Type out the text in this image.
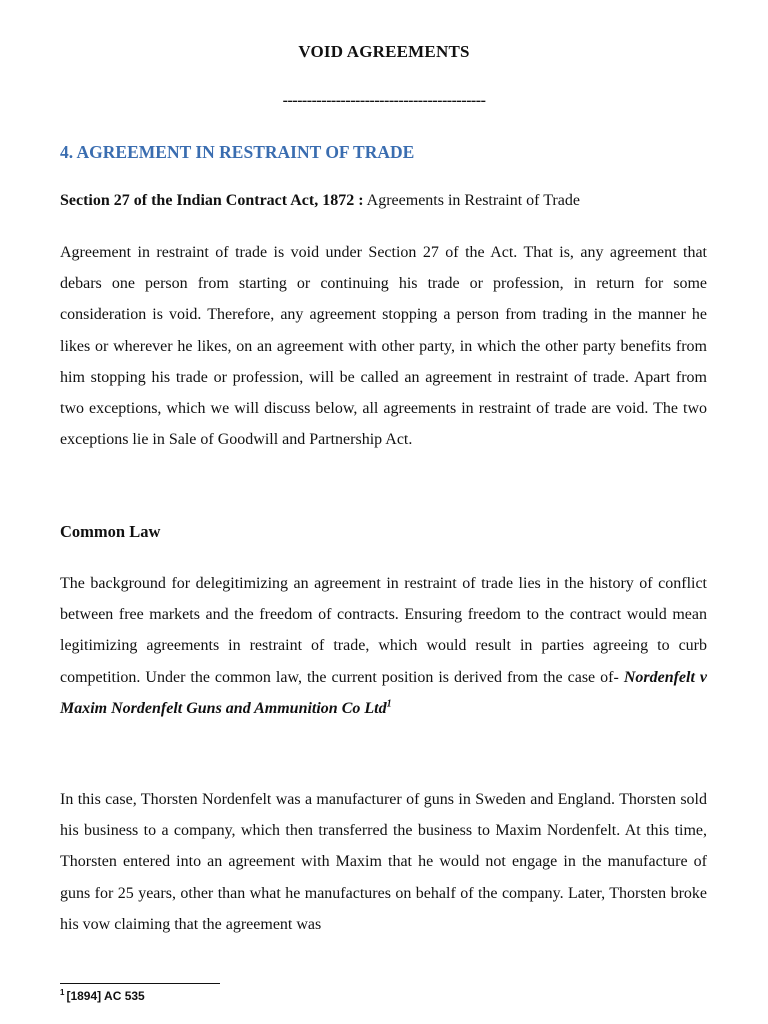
VOID AGREEMENTS
------------------------------------------
4. AGREEMENT IN RESTRAINT OF TRADE
Section 27 of the Indian Contract Act, 1872 : Agreements in Restraint of Trade
Agreement in restraint of trade is void under Section 27 of the Act. That is, any agreement that debars one person from starting or continuing his trade or profession, in return for some consideration is void. Therefore, any agreement stopping a person from trading in the manner he likes or wherever he likes, on an agreement with other party, in which the other party benefits from him stopping his trade or profession, will be called an agreement in restraint of trade. Apart from two exceptions, which we will discuss below, all agreements in restraint of trade are void. The two exceptions lie in Sale of Goodwill and Partnership Act.
Common Law
The background for delegitimizing an agreement in restraint of trade lies in the history of conflict between free markets and the freedom of contracts. Ensuring freedom to the contract would mean legitimizing agreements in restraint of trade, which would result in parties agreeing to curb competition. Under the common law, the current position is derived from the case of- Nordenfelt v Maxim Nordenfelt Guns and Ammunition Co Ltd$^1$
In this case, Thorsten Nordenfelt was a manufacturer of guns in Sweden and England. Thorsten sold his business to a company, which then transferred the business to Maxim Nordenfelt. At this time, Thorsten entered into an agreement with Maxim that he would not engage in the manufacture of guns for 25 years, other than what he manufactures on behalf of the company. Later, Thorsten broke his vow claiming that the agreement was
$^1$ [1894] AC 535
